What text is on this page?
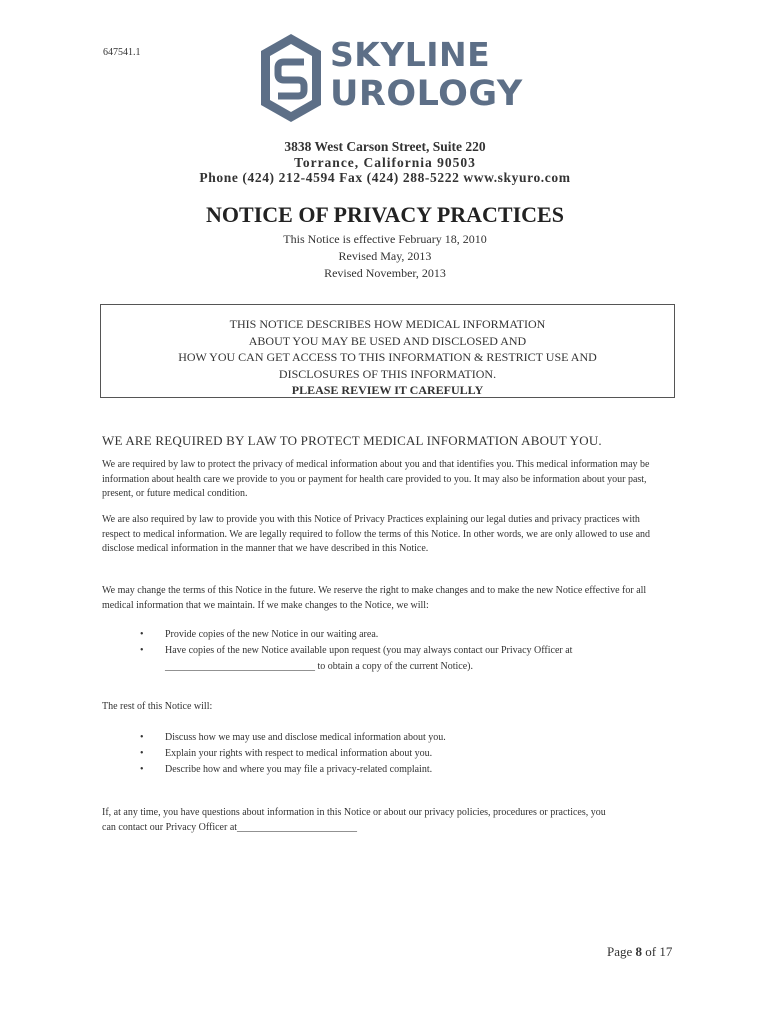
647541.1	SKYLINE
UROLOGY
3838 West Carson Street, Suite 220
Torrance, California 90503
Phone (424) 212-4594 Fax (424) 288-5222 www.skyuro.com
NOTICE OF PRIVACY PRACTICES
This Notice is effective February 18, 2010
Revised May, 2013
Revised November, 2013
THIS NOTICE DESCRIBES HOW MEDICAL INFORMATION
ABOUT YOU MAY BE USED AND DISCLOSED AND
HOW YOU CAN GET ACCESS TO THIS INFORMATION & RESTRICT USE AND
DISCLOSURES OF THIS INFORMATION.
PLEASE REVIEW IT CAREFULLY
WE ARE REQUIRED BY LAW TO PROTECT MEDICAL INFORMATION ABOUT YOU.
We are required by law to protect the privacy of medical information about you and that identifies you. This medical information may be information about health care we provide to you or payment for health care provided to you. It may also be information about your past, present, or future medical condition.
We are also required by law to provide you with this Notice of Privacy Practices explaining our legal duties and privacy practices with respect to medical information. We are legally required to follow the terms of this Notice. In other words, we are only allowed to use and disclose medical information in the manner that we have described in this Notice.
We may change the terms of this Notice in the future. We reserve the right to make changes and to make the new Notice effective for all medical information that we maintain. If we make changes to the Notice, we will:
• Provide copies of the new Notice in our waiting area.
• Have copies of the new Notice available upon request (you may always contact our Privacy Officer at ______________________________ to obtain a copy of the current Notice).
The rest of this Notice will:
• Discuss how we may use and disclose medical information about you.
• Explain your rights with respect to medical information about you.
• Describe how and where you may file a privacy-related complaint.
If, at any time, you have questions about information in this Notice or about our privacy policies, procedures or practices, you can contact our Privacy Officer at________________________
Page 8 of 17
